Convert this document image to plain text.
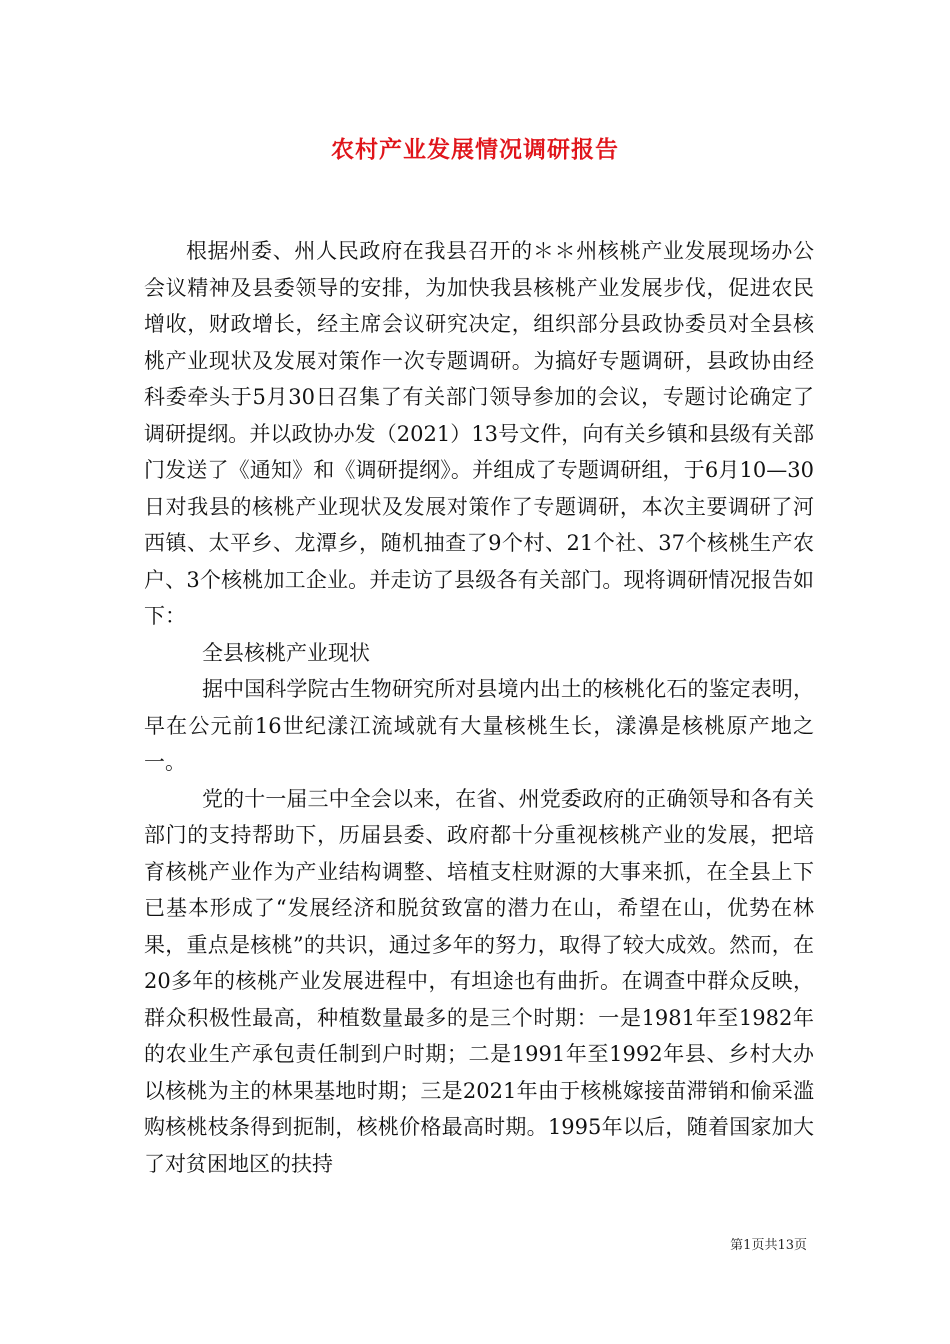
农村产业发展情况调研报告

根据州委、州人民政府在我县召开的＊＊州核桃产业发展现场办公会议精神及县委领导的安排，为加快我县核桃产业发展步伐，促进农民增收，财政增长，经主席会议研究决定，组织部分县政协委员对全县核桃产业现状及发展对策作一次专题调研。为搞好专题调研，县政协由经科委牵头于5月30日召集了有关部门领导参加的会议，专题讨论确定了调研提纲。并以政协办发（2021）13号文件，向有关乡镇和县级有关部门发送了《通知》和《调研提纲》。并组成了专题调研组，于6月10—30日对我县的核桃产业现状及发展对策作了专题调研，本次主要调研了河西镇、太平乡、龙潭乡，随机抽查了9个村、21个社、37个核桃生产农户、3个核桃加工企业。并走访了县级各有关部门。现将调研情况报告如下：

全县核桃产业现状

据中国科学院古生物研究所对县境内出土的核桃化石的鉴定表明，早在公元前16世纪漾江流域就有大量核桃生长，漾濞是核桃原产地之一。

党的十一届三中全会以来，在省、州党委政府的正确领导和各有关部门的支持帮助下，历届县委、政府都十分重视核桃产业的发展，把培育核桃产业作为产业结构调整、培植支柱财源的大事来抓，在全县上下已基本形成了“发展经济和脱贫致富的潜力在山，希望在山，优势在林果，重点是核桃”的共识，通过多年的努力，取得了较大成效。然而，在20多年的核桃产业发展进程中，有坦途也有曲折。在调查中群众反映，群众积极性最高，种植数量最多的是三个时期：一是1981年至1982年的农业生产承包责任制到户时期；二是1991年至1992年县、乡村大办以核桃为主的林果基地时期；三是2021年由于核桃嫁接苗滞销和偷采滥购核桃枝条得到扼制，核桃价格最高时期。1995年以后，随着国家加大了对贫困地区的扶持

第1页共13页
